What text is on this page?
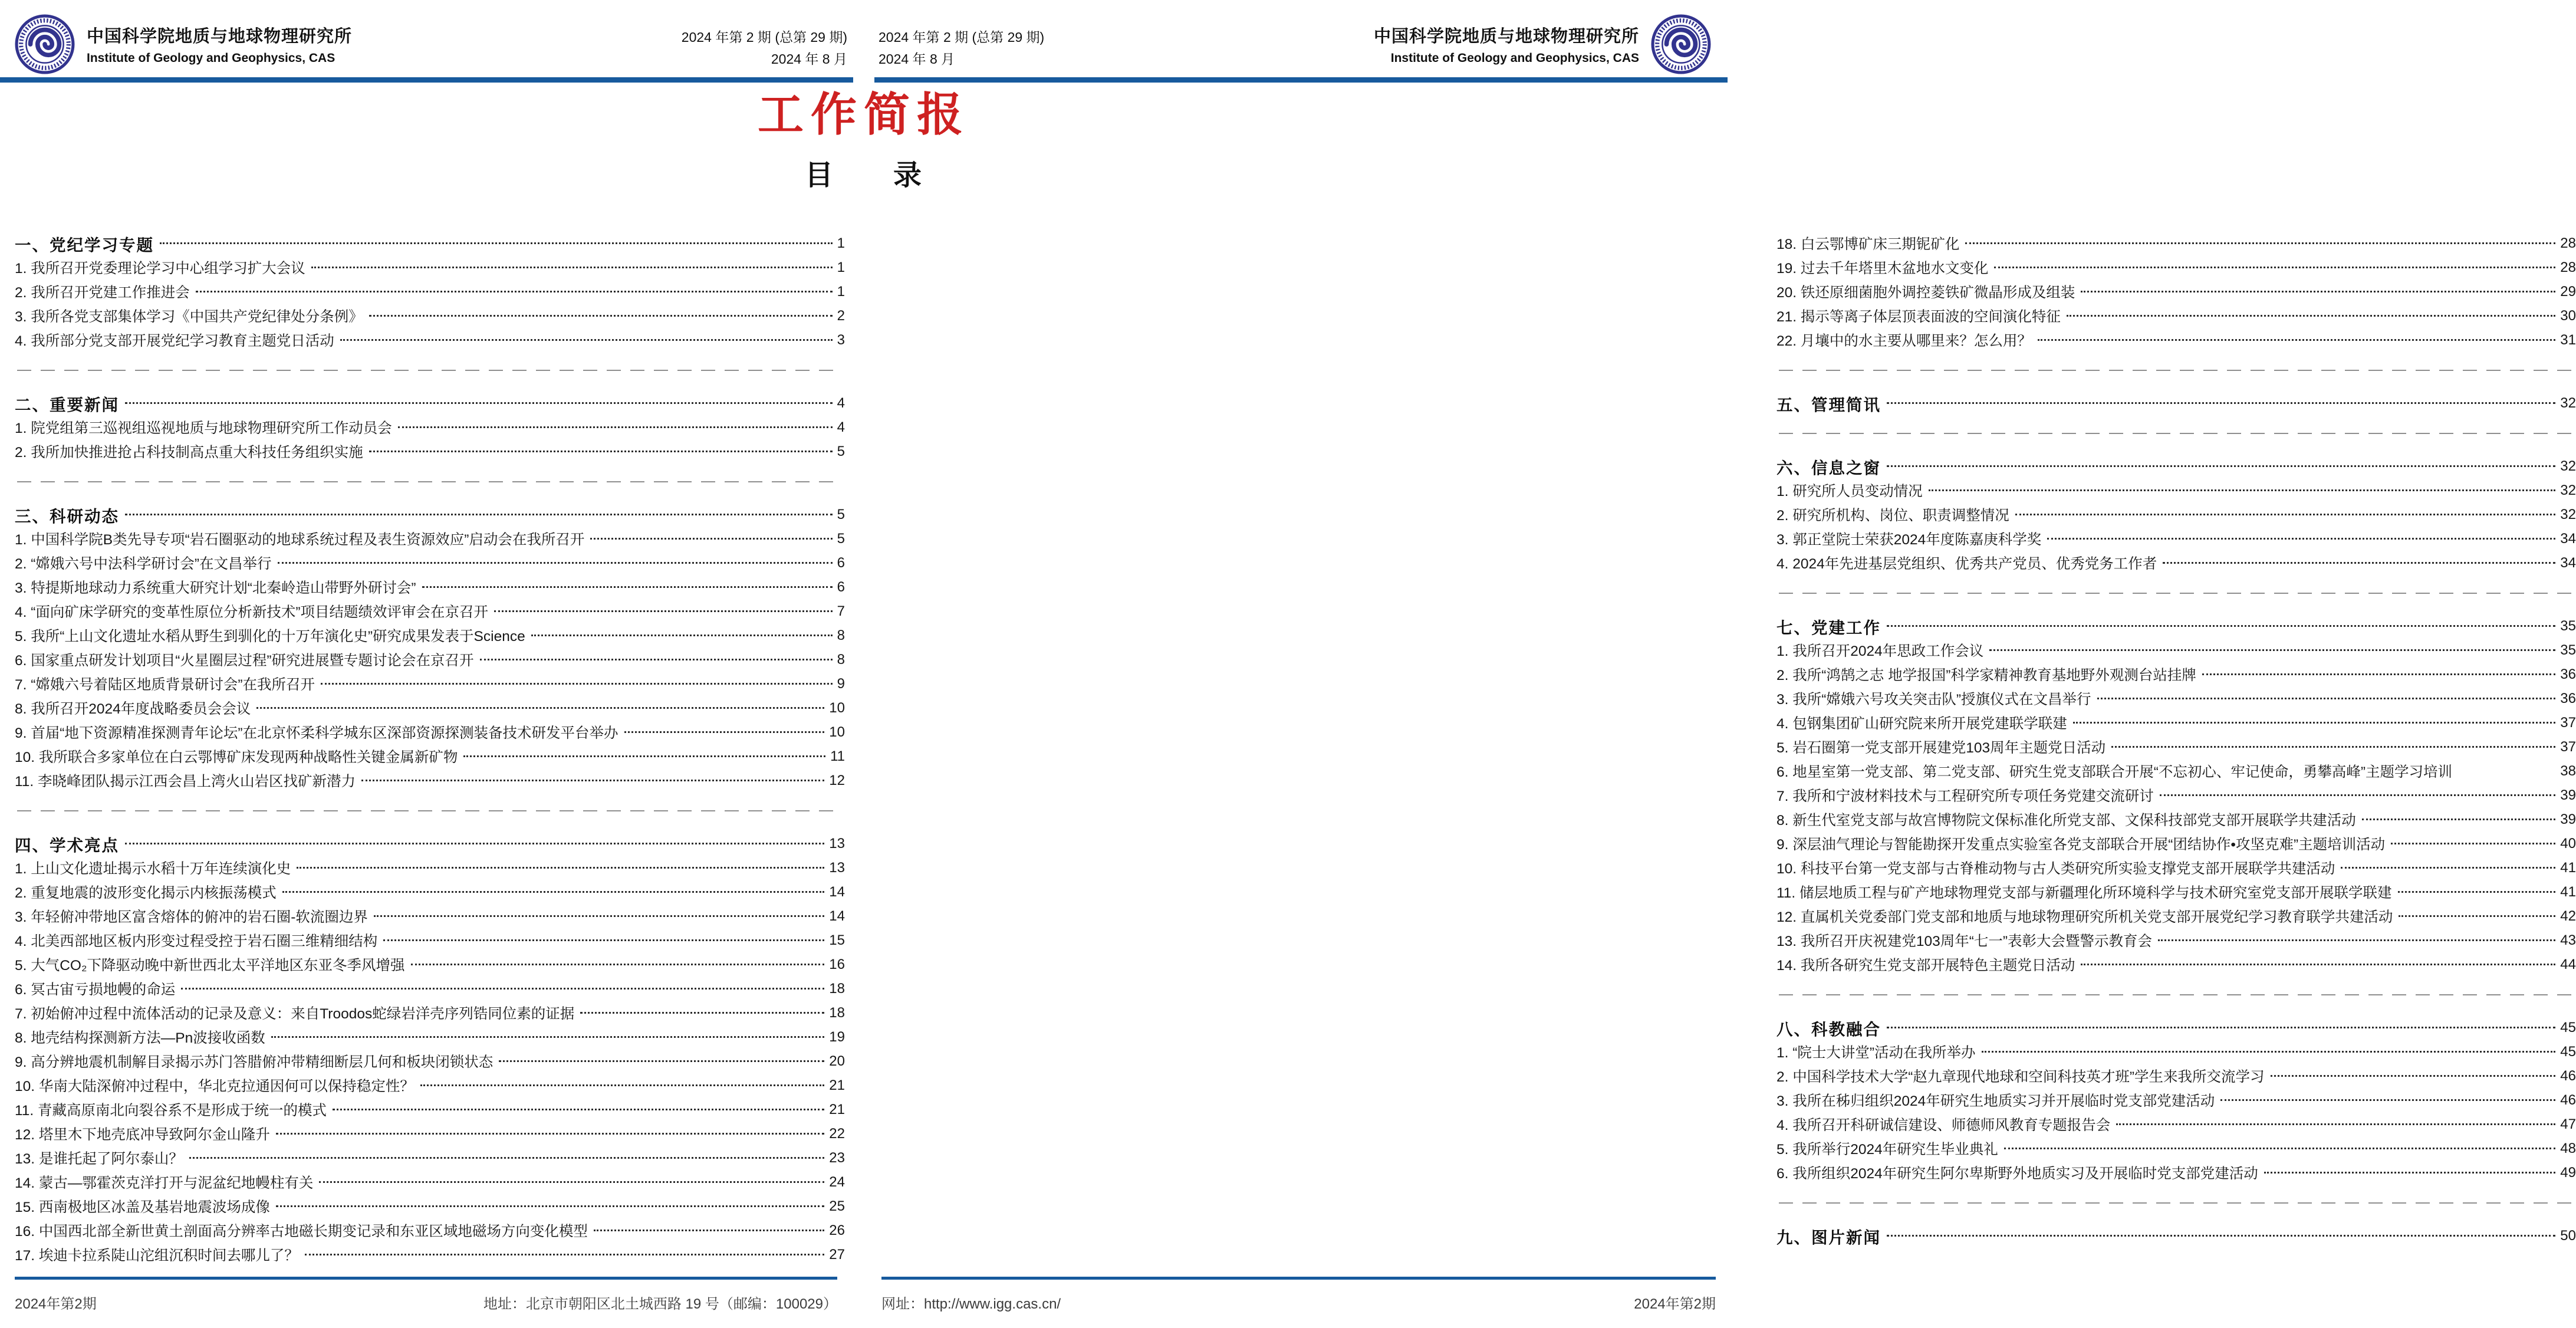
中国科学院地质与地球物理研究所
Institute of Geology and Geophysics, CAS
2024 年第 2 期 (总第 29 期)
2024 年 8 月
一、党纪学习专题	1
1. 我所召开党委理论学习中心组学习扩大会议	1
2. 我所召开党建工作推进会	1
3. 我所各党支部集体学习《中国共产党纪律处分条例》	2
4. 我所部分党支部开展党纪学习教育主题党日活动	3
二、重要新闻	4
1. 院党组第三巡视组巡视地质与地球物理研究所工作动员会	4
2. 我所加快推进抢占科技制高点重大科技任务组织实施	5
三、科研动态	5
1. 中国科学院B类先导专项“岩石圈驱动的地球系统过程及表生资源效应”启动会在我所召开	5
2. “嫦娥六号中法科学研讨会”在文昌举行	6
3. 特提斯地球动力系统重大研究计划“北秦岭造山带野外研讨会”	6
4. “面向矿床学研究的变革性原位分析新技术”项目结题绩效评审会在京召开	7
5. 我所“上山文化遗址水稻从野生到驯化的十万年演化史”研究成果发表于Science	8
6. 国家重点研发计划项目“火星圈层过程”研究进展暨专题讨论会在京召开	8
7. “嫦娥六号着陆区地质背景研讨会”在我所召开	9
8. 我所召开2024年度战略委员会会议	10
9. 首届“地下资源精准探测青年论坛”在北京怀柔科学城东区深部资源探测装备技术研发平台举办	10
10. 我所联合多家单位在白云鄂博矿床发现两种战略性关键金属新矿物	11
11. 李晓峰团队揭示江西会昌上湾火山岩区找矿新潜力	12
四、学术亮点	13
1. 上山文化遗址揭示水稻十万年连续演化史	13
2. 重复地震的波形变化揭示内核振荡模式	14
3. 年轻俯冲带地区富含熔体的俯冲的岩石圈-软流圈边界	14
4. 北美西部地区板内形变过程受控于岩石圈三维精细结构	15
5. 大气CO₂下降驱动晚中新世西北太平洋地区东亚冬季风增强	16
6. 冥古宙亏损地幔的命运	18
7. 初始俯冲过程中流体活动的记录及意义：来自Troodos蛇绿岩洋壳序列锆同位素的证据	18
8. 地壳结构探测新方法—Pn波接收函数	19
9. 高分辨地震机制解目录揭示苏门答腊俯冲带精细断层几何和板块闭锁状态	20
10. 华南大陆深俯冲过程中，华北克拉通因何可以保持稳定性？	21
11. 青藏高原南北向裂谷系不是形成于统一的模式	21
12. 塔里木下地壳底冲导致阿尔金山隆升	22
13. 是谁托起了阿尔泰山？	23
14. 蒙古—鄂霍茨克洋打开与泥盆纪地幔柱有关	24
15. 西南极地区冰盖及基岩地震波场成像	25
16. 中国西北部全新世黄土剖面高分辨率古地磁长期变记录和东亚区域地磁场方向变化模型	26
17. 埃迪卡拉系陡山沱组沉积时间去哪儿了？	27
2024年第2期	地址：北京市朝阳区北土城西路 19 号（邮编：100029）
2024 年第 2 期 (总第 29 期)
2024 年 8 月
中国科学院地质与地球物理研究所
Institute of Geology and Geophysics, CAS
18. 白云鄂博矿床三期铌矿化	28
19. 过去千年塔里木盆地水文变化	28
20. 铁还原细菌胞外调控菱铁矿微晶形成及组装	29
21. 揭示等离子体层顶表面波的空间演化特征	30
22. 月壤中的水主要从哪里来？怎么用？	31
五、管理简讯	32
六、信息之窗	32
1. 研究所人员变动情况	32
2. 研究所机构、岗位、职责调整情况	32
3. 郭正堂院士荣获2024年度陈嘉庚科学奖	34
4. 2024年先进基层党组织、优秀共产党员、优秀党务工作者	34
七、党建工作	35
1. 我所召开2024年思政工作会议	35
2. 我所“鸿鹄之志 地学报国”科学家精神教育基地野外观测台站挂牌	36
3. 我所“嫦娥六号攻关突击队”授旗仪式在文昌举行	36
4. 包钢集团矿山研究院来所开展党建联学联建	37
5. 岩石圈第一党支部开展建党103周年主题党日活动	37
6. 地星室第一党支部、第二党支部、研究生党支部联合开展“不忘初心、牢记使命，勇攀高峰”主题学习培训	38
7. 我所和宁波材料技术与工程研究所专项任务党建交流研讨	39
8. 新生代室党支部与故宫博物院文保标准化所党支部、文保科技部党支部开展联学共建活动	39
9. 深层油气理论与智能勘探开发重点实验室各党支部联合开展“团结协作•攻坚克难”主题培训活动	40
10. 科技平台第一党支部与古脊椎动物与古人类研究所实验支撑党支部开展联学共建活动	41
11. 储层地质工程与矿产地球物理党支部与新疆理化所环境科学与技术研究室党支部开展联学联建	41
12. 直属机关党委部门党支部和地质与地球物理研究所机关党支部开展党纪学习教育联学共建活动	42
13. 我所召开庆祝建党103周年“七一”表彰大会暨警示教育会	43
14. 我所各研究生党支部开展特色主题党日活动	44
八、科教融合	45
1. “院士大讲堂”活动在我所举办	45
2. 中国科学技术大学“赵九章现代地球和空间科技英才班”学生来我所交流学习	46
3. 我所在秭归组织2024年研究生地质实习并开展临时党支部党建活动	46
4. 我所召开科研诚信建设、师德师风教育专题报告会	47
5. 我所举行2024年研究生毕业典礼	48
6. 我所组织2024年研究生阿尔卑斯野外地质实习及开展临时党支部党建活动	49
九、图片新闻	50
网址：http://www.igg.cas.cn/	2024年第2期
工作简报
目　　录
